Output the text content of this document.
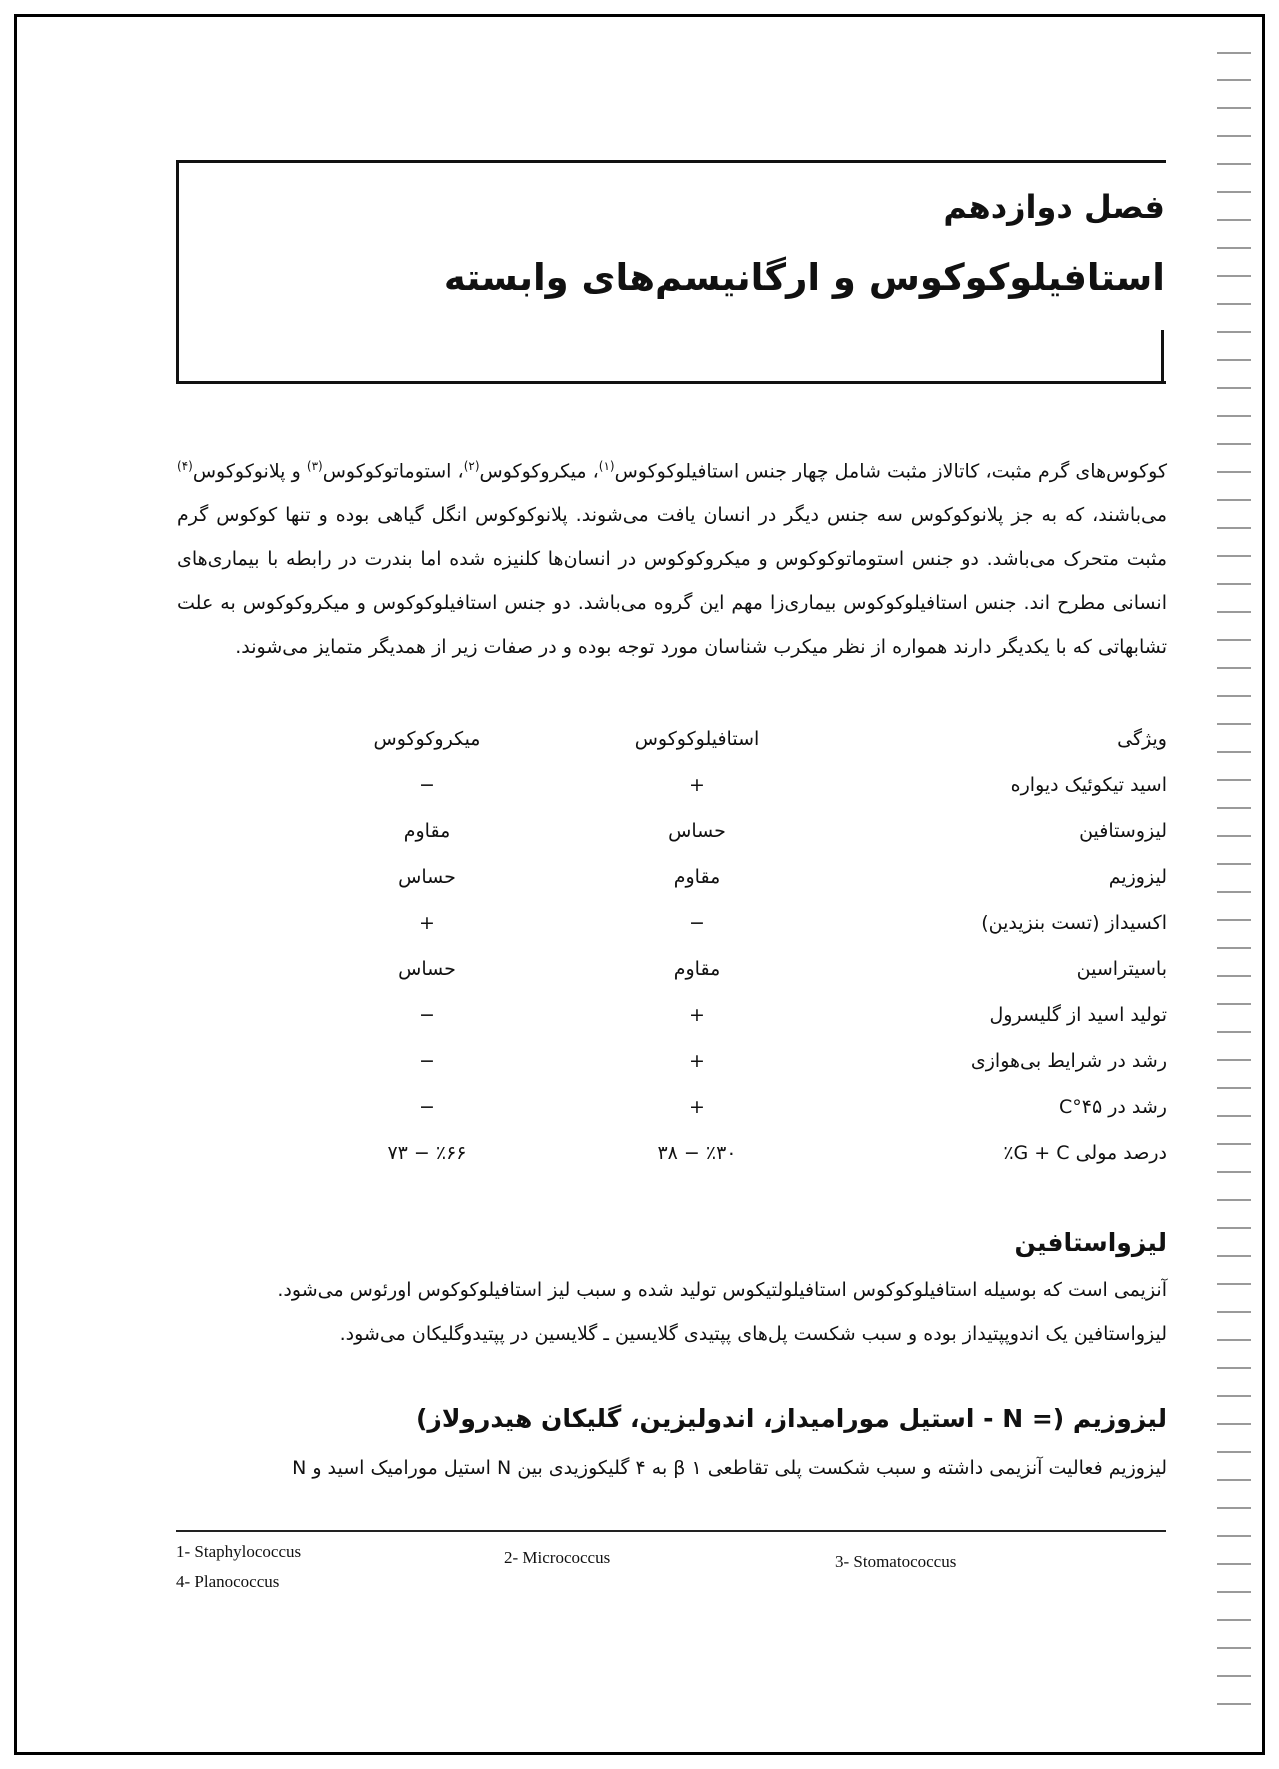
فصل دوازدهم
استافیلوکوکوس و ارگانیسم‌های وابسته
کوکوس‌های گرم مثبت، کاتالاز مثبت شامل چهار جنس استافیلوکوکوس$^{(۱)}$، میکروکوکوس$^{(۲)}$، استوماتوکوکوس$^{(۳)}$ و پلانوکوکوس$^{(۴)}$ می‌باشند، که به جز پلانوکوکوس سه جنس دیگر در انسان یافت می‌شوند. پلانوکوکوس انگل گیاهی بوده و تنها کوکوس گرم مثبت متحرک می‌باشد. دو جنس استوماتوکوکوس و میکروکوکوس در انسان‌ها کلنیزه شده اما بندرت در رابطه با بیماری‌های انسانی مطرح اند. جنس استافیلوکوکوس بیماری‌زا مهم این گروه می‌باشد. دو جنس استافیلوکوکوس و میکروکوکوس به علت تشابهاتی که با یکدیگر دارند همواره از نظر میکرب شناسان مورد توجه بوده و در صفات زیر از همدیگر متمایز می‌شوند.
ویژگی
استافیلوکوکوس
میکروکوکوس
اسید تیکوئیک دیواره
+
−
لیزوستافین
حساس
مقاوم
لیزوزیم
مقاوم
حساس
اکسیداز (تست بنزیدین)
−
+
باسیتراسین
مقاوم
حساس
تولید اسید از گلیسرول
+
−
رشد در شرایط بی‌هوازی
+
−
رشد در ۴۵°C
+
−
درصد مولی G + C٪
٪۳۰ − ۳۸
٪۶۶ − ۷۳
لیزواستافین
آنزیمی است که بوسیله استافیلوکوکوس استافیلولتیکوس تولید شده و سبب لیز استافیلوکوکوس اورئوس می‌شود.
لیزواستافین یک اندوپپتیداز بوده و سبب شکست پل‌های پپتیدی گلایسین ـ گلایسین در پپتیدوگلیکان می‌شود.
لیزوزیم (= N - استیل مورامیداز، اندولیزین، گلیکان هیدرولاز)
لیزوزیم فعالیت آنزیمی داشته و سبب شکست پلی تقاطعی β ۱ به ۴ گلیکوزیدی بین N استیل موراميک اسید و N
1- Staphylococcus	2- Micrococcus	3- Stomatococcus
4- Planococcus
